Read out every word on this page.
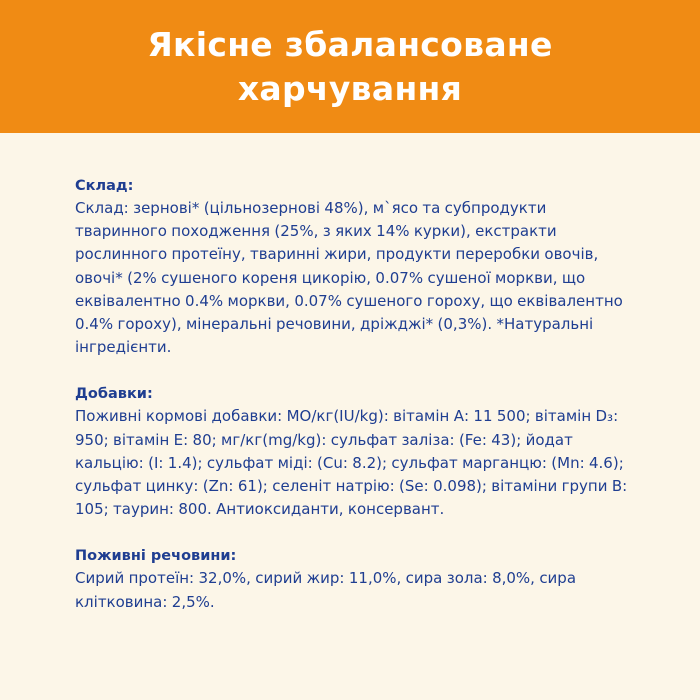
Якісне збалансоване харчування
Склад:

Склад: зернові* (цільнозернові 48%), м`ясо та субпродукти тваринного походження (25%, з яких 14% курки), екстракти рослинного протеїну, тваринні жири, продукти переробки овочів, овочі* (2% сушеного кореня цикорію, 0.07% сушеної моркви, що еквівалентно 0.4% моркви, 0.07% сушеного гороху, що еквівалентно 0.4% гороху), мінеральні речовини, дріжджі* (0,3%). *Натуральні інгредієнти.

Добавки:

Поживні кормові добавки: МО/кг(IU/kg): вітамін А: 11 500; вітамін D₃: 950; вітамін Е: 80; мг/кг(mg/kg): сульфат заліза: (Fe: 43); йодат кальцію: (I: 1.4); сульфат міді: (Cu: 8.2); сульфат марганцю: (Mn: 4.6); сульфат цинку: (Zn: 61); селеніт натрію: (Se: 0.098); вітаміни групи В: 105; таурин: 800. Антиоксиданти, консервант.

Поживні речовини:

Сирий протеїн: 32,0%, сирий жир: 11,0%, сира зола: 8,0%, сира клітковина: 2,5%.
